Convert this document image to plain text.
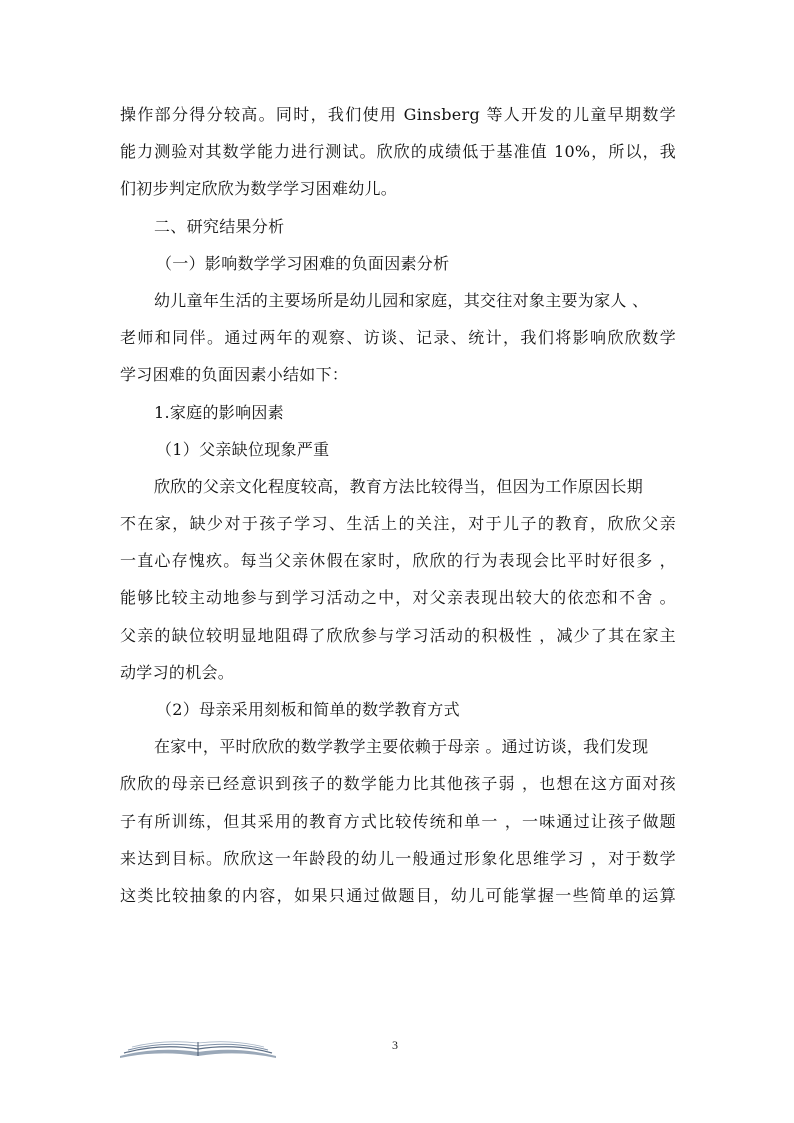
操作部分得分较高。同时，我们使用 Ginsberg 等人开发的儿童早期数学
能力测验对其数学能力进行测试。欣欣的成绩低于基准值 10%，所以，我
们初步判定欣欣为数学学习困难幼儿。
二、研究结果分析
（一）影响数学学习困难的负面因素分析
幼儿童年生活的主要场所是幼儿园和家庭，其交往对象主要为家人 、
老师和同伴。通过两年的观察、访谈、记录、统计，我们将影响欣欣数学
学习困难的负面因素小结如下：
1.家庭的影响因素
（1）父亲缺位现象严重
欣欣的父亲文化程度较高，教育方法比较得当，但因为工作原因长期
不在家，缺少对于孩子学习、生活上的关注，对于儿子的教育，欣欣父亲
一直心存愧疚。每当父亲休假在家时，欣欣的行为表现会比平时好很多 ，
能够比较主动地参与到学习活动之中，对父亲表现出较大的依恋和不舍 。
父亲的缺位较明显地阻碍了欣欣参与学习活动的积极性 ，减少了其在家主
动学习的机会。
（2）母亲采用刻板和简单的数学教育方式
在家中，平时欣欣的数学教学主要依赖于母亲 。通过访谈，我们发现
欣欣的母亲已经意识到孩子的数学能力比其他孩子弱 ，也想在这方面对孩
子有所训练，但其采用的教育方式比较传统和单一 ，一味通过让孩子做题
来达到目标。欣欣这一年龄段的幼儿一般通过形象化思维学习 ，对于数学
这类比较抽象的内容，如果只通过做题目，幼儿可能掌握一些简单的运算
3
